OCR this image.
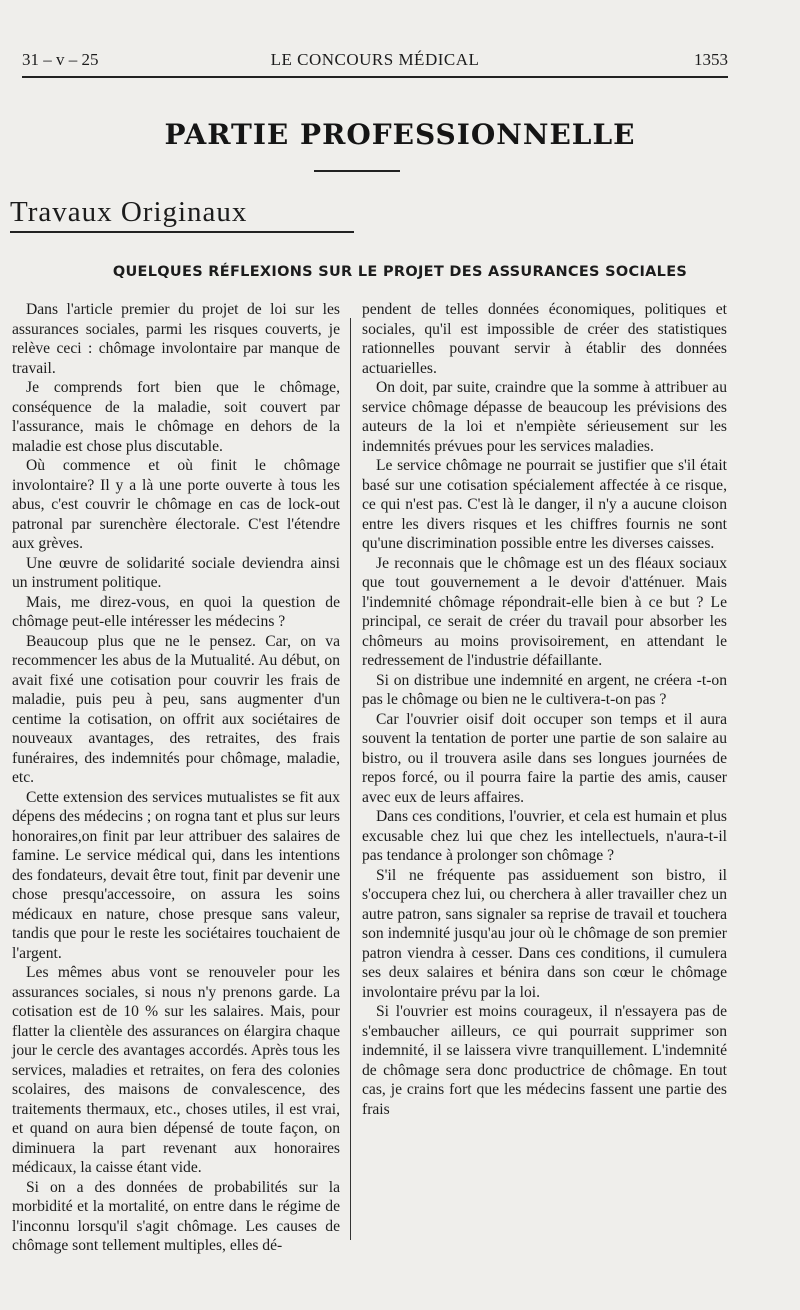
31 – v – 25	LE CONCOURS MÉDICAL	1353
PARTIE PROFESSIONNELLE
Travaux Originaux
QUELQUES RÉFLEXIONS SUR LE PROJET DES ASSURANCES SOCIALES

Dans l'article premier du projet de loi sur les assurances sociales, parmi les risques couverts, je relève ceci : chômage involontaire par manque de travail.

Je comprends fort bien que le chômage, conséquence de la maladie, soit couvert par l'assurance, mais le chômage en dehors de la maladie est chose plus discutable.

Où commence et où finit le chômage involontaire? Il y a là une porte ouverte à tous les abus, c'est couvrir le chômage en cas de lock-out patronal par surenchère électorale. C'est l'étendre aux grèves.

Une œuvre de solidarité sociale deviendra ainsi un instrument politique.

Mais, me direz-vous, en quoi la question de chômage peut-elle intéresser les médecins ?

Beaucoup plus que ne le pensez. Car, on va recommencer les abus de la Mutualité. Au début, on avait fixé une cotisation pour couvrir les frais de maladie, puis peu à peu, sans augmenter d'un centime la cotisation, on offrit aux sociétaires de nouveaux avantages, des retraites, des frais funéraires, des indemnités pour chômage, maladie, etc.

Cette extension des services mutualistes se fit aux dépens des médecins ; on rogna tant et plus sur leurs honoraires,on finit par leur attribuer des salaires de famine. Le service médical qui, dans les intentions des fondateurs, devait être tout, finit par devenir une chose presqu'accessoire, on assura les soins médicaux en nature, chose presque sans valeur, tandis que pour le reste les sociétaires touchaient de l'argent.

Les mêmes abus vont se renouveler pour les assurances sociales, si nous n'y prenons garde. La cotisation est de 10 % sur les salaires. Mais, pour flatter la clientèle des assurances on élargira chaque jour le cercle des avantages accordés. Après tous les services, maladies et retraites, on fera des colonies scolaires, des maisons de convalescence, des traitements thermaux, etc., choses utiles, il est vrai, et quand on aura bien dépensé de toute façon, on diminuera la part revenant aux honoraires médicaux, la caisse étant vide.

Si on a des données de probabilités sur la morbidité et la mortalité, on entre dans le régime de l'inconnu lorsqu'il s'agit chômage. Les causes de chômage sont tellement multiples, elles dé-

pendent de telles données économiques, politiques et sociales, qu'il est impossible de créer des statistiques rationnelles pouvant servir à établir des données actuarielles.

On doit, par suite, craindre que la somme à attribuer au service chômage dépasse de beaucoup les prévisions des auteurs de la loi et n'empiète sérieusement sur les indemnités prévues pour les services maladies.

Le service chômage ne pourrait se justifier que s'il était basé sur une cotisation spécialement affectée à ce risque, ce qui n'est pas. C'est là le danger, il n'y a aucune cloison entre les divers risques et les chiffres fournis ne sont qu'une discrimination possible entre les diverses caisses.

Je reconnais que le chômage est un des fléaux sociaux que tout gouvernement a le devoir d'atténuer. Mais l'indemnité chômage répondrait-elle bien à ce but ? Le principal, ce serait de créer du travail pour absorber les chômeurs au moins provisoirement, en attendant le redressement de l'industrie défaillante.

Si on distribue une indemnité en argent, ne créera -t-on pas le chômage ou bien ne le cultivera-t-on pas ?

Car l'ouvrier oisif doit occuper son temps et il aura souvent la tentation de porter une partie de son salaire au bistro, ou il trouvera asile dans ses longues journées de repos forcé, ou il pourra faire la partie des amis, causer avec eux de leurs affaires.

Dans ces conditions, l'ouvrier, et cela est humain et plus excusable chez lui que chez les intellectuels, n'aura-t-il pas tendance à prolonger son chômage ?

S'il ne fréquente pas assiduement son bistro, il s'occupera chez lui, ou cherchera à aller travailler chez un autre patron, sans signaler sa reprise de travail et touchera son indemnité jusqu'au jour où le chômage de son premier patron viendra à cesser. Dans ces conditions, il cumulera ses deux salaires et bénira dans son cœur le chômage involontaire prévu par la loi.

Si l'ouvrier est moins courageux, il n'essayera pas de s'embaucher ailleurs, ce qui pourrait supprimer son indemnité, il se laissera vivre tranquillement. L'indemnité de chômage sera donc productrice de chômage. En tout cas, je crains fort que les médecins fassent une partie des frais
